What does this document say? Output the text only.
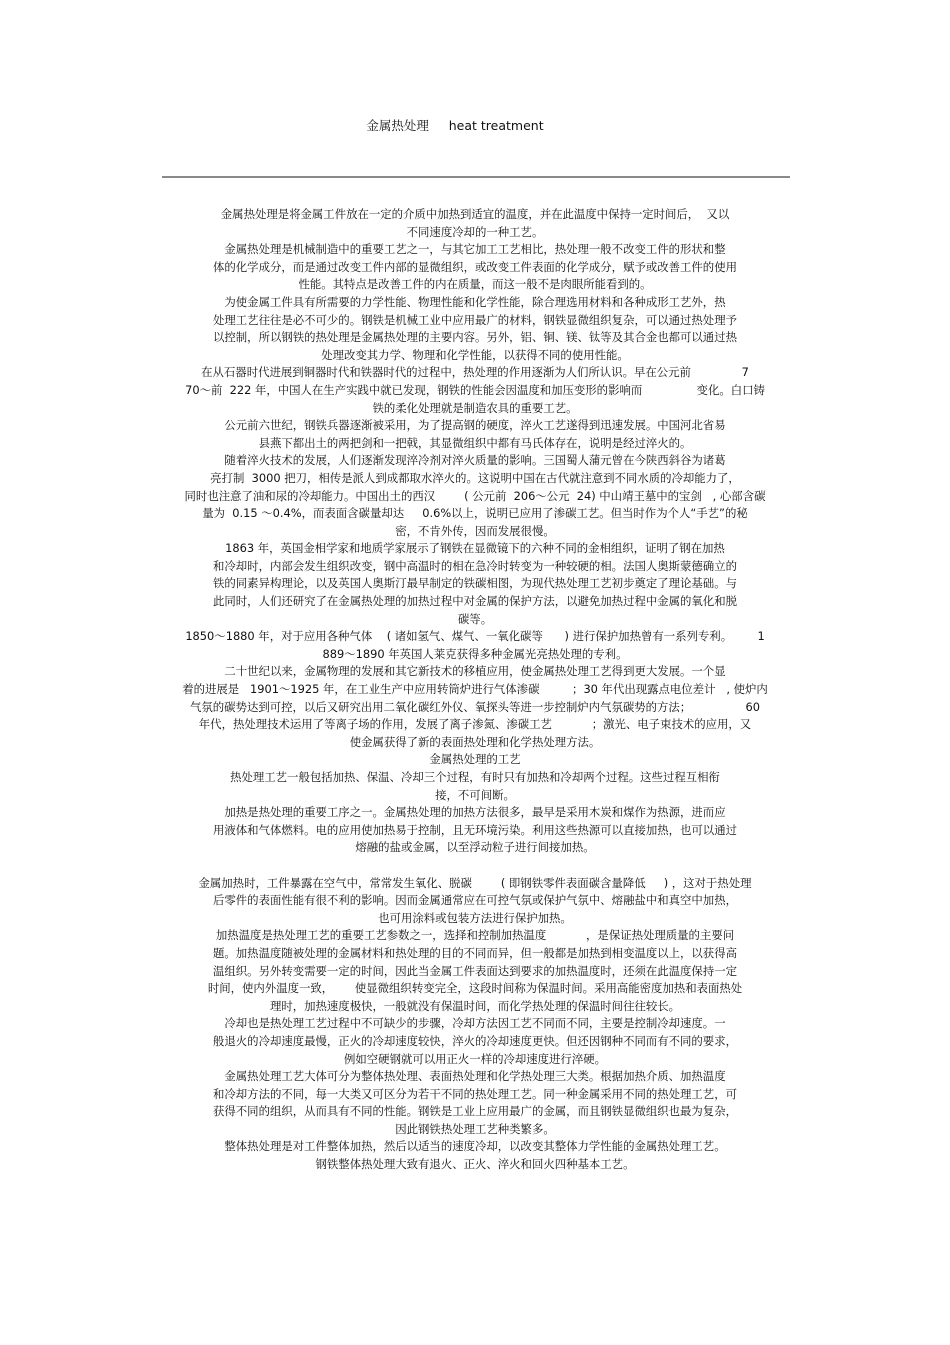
金属热处理     heat treatment
金属热处理是将金属工件放在一定的介质中加热到适宜的温度，并在此温度中保持一定时间后，  又以
不同速度冷却的一种工艺。
金属热处理是机械制造中的重要工艺之一，与其它加工工艺相比，热处理一般不改变工件的形状和整
体的化学成分，而是通过改变工件内部的显微组织，或改变工件表面的化学成分，赋予或改善工件的使用
性能。其特点是改善工件的内在质量，而这一般不是肉眼所能看到的。
为使金属工件具有所需要的力学性能、物理性能和化学性能，除合理选用材料和各种成形工艺外，热
处理工艺往往是必不可少的。钢铁是机械工业中应用最广的材料，钢铁显微组织复杂，可以通过热处理予
以控制，所以钢铁的热处理是金属热处理的主要内容。另外，铝、铜、镁、钛等及其合金也都可以通过热
处理改变其力学、物理和化学性能，以获得不同的使用性能。
在从石器时代进展到铜器时代和铁器时代的过程中，热处理的作用逐渐为人们所认识。早在公元前              7
70～前  222 年，中国人在生产实践中就已发现，钢铁的性能会因温度和加压变形的影响而               变化。白口铸
铁的柔化处理就是制造农具的重要工艺。
公元前六世纪，钢铁兵器逐渐被采用，为了提高钢的硬度，淬火工艺遂得到迅速发展。中国河北省易
县燕下都出土的两把剑和一把戟，其显微组织中都有马氏体存在，说明是经过淬火的。
随着淬火技术的发展，人们逐渐发现淬冷剂对淬火质量的影响。三国蜀人蒲元曾在今陕西斜谷为诸葛
亮打制  3000 把刀，相传是派人到成都取水淬火的。这说明中国在古代就注意到不同水质的冷却能力了，
同时也注意了油和尿的冷却能力。中国出土的西汉        ( 公元前  206～公元  24) 中山靖王墓中的宝剑   , 心部含碳
量为  0.15 ～0.4%，而表面含碳量却达     0.6%以上，说明已应用了渗碳工艺。但当时作为个人“手艺”的秘
密，不肯外传，因而发展很慢。
1863 年，英国金相学家和地质学家展示了钢铁在显微镜下的六种不同的金相组织，证明了钢在加热
和冷却时，内部会发生组织改变，钢中高温时的相在急冷时转变为一种较硬的相。法国人奥斯蒙德确立的
铁的同素异构理论，以及英国人奥斯汀最早制定的铁碳相图，为现代热处理工艺初步奠定了理论基础。与
此同时，人们还研究了在金属热处理的加热过程中对金属的保护方法，以避免加热过程中金属的氧化和脱
碳等。
1850～1880 年，对于应用各种气体    ( 诸如氢气、煤气、一氧化碳等      ) 进行保护加热曾有一系列专利。       1
889～1890 年英国人莱克获得多种金属光亮热处理的专利。
二十世纪以来，金属物理的发展和其它新技术的移植应用，使金属热处理工艺得到更大发展。一个显
着的进展是   1901～1925 年，在工业生产中应用转筒炉进行气体渗碳         ；30 年代出现露点电位差计   , 使炉内
气氛的碳势达到可控，以后又研究出用二氧化碳红外仪、氧探头等进一步控制炉内气氛碳势的方法；               60
年代，热处理技术运用了等离子场的作用，发展了离子渗氮、渗碳工艺           ；激光、电子束技术的应用，又
使金属获得了新的表面热处理和化学热处理方法。
金属热处理的工艺
热处理工艺一般包括加热、保温、冷却三个过程，有时只有加热和冷却两个过程。这些过程互相衔
接，不可间断。
加热是热处理的重要工序之一。金属热处理的加热方法很多，最早是采用木炭和煤作为热源，进而应
用液体和气体燃料。电的应用使加热易于控制，且无环境污染。利用这些热源可以直接加热，也可以通过
熔融的盐或金属，以至浮动粒子进行间接加热。
金属加热时，工件暴露在空气中，常常发生氧化、脱碳        ( 即钢铁零件表面碳含量降低     ) ，这对于热处理
后零件的表面性能有很不利的影响。因而金属通常应在可控气氛或保护气氛中、熔融盐中和真空中加热，
也可用涂料或包装方法进行保护加热。
加热温度是热处理工艺的重要工艺参数之一，选择和控制加热温度           ，是保证热处理质量的主要问
题。加热温度随被处理的金属材料和热处理的目的不同而异，但一般都是加热到相变温度以上，以获得高
温组织。另外转变需要一定的时间，因此当金属工件表面达到要求的加热温度时，还须在此温度保持一定
时间，使内外温度一致，      使显微组织转变完全，这段时间称为保温时间。采用高能密度加热和表面热处
理时，加热速度极快，一般就没有保温时间，而化学热处理的保温时间往往较长。
冷却也是热处理工艺过程中不可缺少的步骤，冷却方法因工艺不同而不同，主要是控制冷却速度。一
般退火的冷却速度最慢，正火的冷却速度较快，淬火的冷却速度更快。但还因钢种不同而有不同的要求，
例如空硬钢就可以用正火一样的冷却速度进行淬硬。
金属热处理工艺大体可分为整体热处理、表面热处理和化学热处理三大类。根据加热介质、加热温度
和冷却方法的不同，每一大类又可区分为若干不同的热处理工艺。同一种金属采用不同的热处理工艺，可
获得不同的组织，从而具有不同的性能。钢铁是工业上应用最广的金属，而且钢铁显微组织也最为复杂，
因此钢铁热处理工艺种类繁多。
整体热处理是对工件整体加热，然后以适当的速度冷却，以改变其整体力学性能的金属热处理工艺。
钢铁整体热处理大致有退火、正火、淬火和回火四种基本工艺。
